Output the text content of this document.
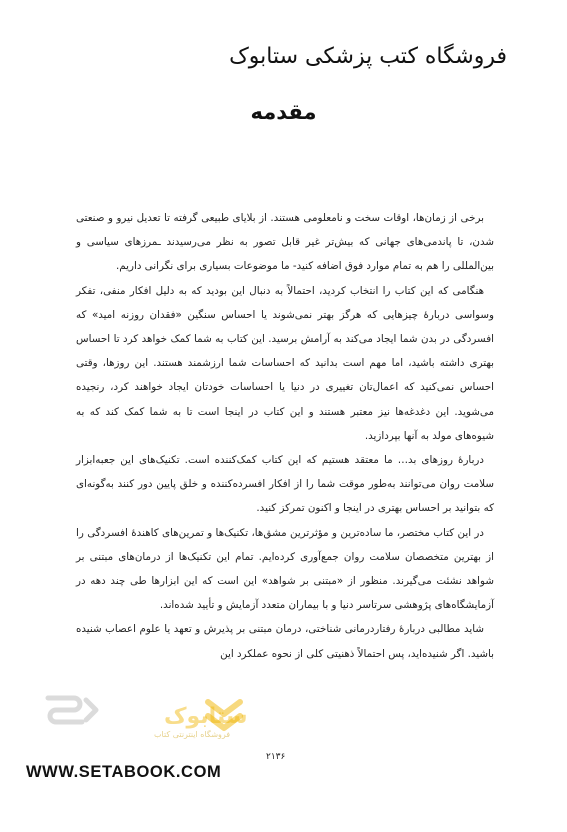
فروشگاه کتب پزشکی ستابوک
مقدمه

برخی از زمان‌ها، اوقات سخت و نامعلومی هستند. از بلایای طبیعی گرفته تا تعدیل نیرو و صنعتی شدن، تا پاندمی‌های جهانی که بیش‌تر غیر قابل تصور به نظر می‌رسیدند ـمرزهای سیاسی و بین‌المللی را هم به تمام موارد فوق اضافه کنید- ما موضوعات بسیاری برای نگرانی داریم.

هنگامی که این کتاب را انتخاب کردید، احتمالاً به دنبال این بودید که به دلیل افکار منفی، تفکر وسواسی دربارهٔ چیزهایی که هرگز بهتر نمی‌شوند یا احساس سنگین «فقدان روزنه امید» که افسردگی در بدن شما ایجاد می‌کند به آرامش برسید. این کتاب به شما کمک خواهد کرد تا احساس بهتری داشته باشید، اما مهم است بدانید که احساسات شما ارزشمند هستند. این روزها، وقتی احساس نمی‌کنید که اعمال‌تان تغییری در دنیا یا احساسات خودتان ایجاد خواهند کرد، رنجیده می‌شوید. این دغدغه‌ها نیز معتبر هستند و این کتاب در اینجا است تا به شما کمک کند که به شیوه‌های مولد به آنها بپردازید.

دربارهٔ روزهای بد… ما معتقد هستیم که این کتاب کمک‌کننده است. تکنیک‌های این جعبه‌ابزار سلامت روان می‌توانند به‌طور موقت شما را از افکار افسرده‌کننده و خلق پایین دور کنند به‌گونه‌ای که بتوانید بر احساس بهتری در اینجا و اکنون تمرکز کنید.

در این کتاب مختصر، ما ساده‌ترین و مؤثرترین مشق‌ها، تکنیک‌ها و تمرین‌های کاهندهٔ افسردگی را از بهترین متخصصان سلامت روان جمع‌آوری کرده‌ایم. تمام این تکنیک‌ها از درمان‌های مبتنی بر شواهد نشئت می‌گیرند. منظور از «مبتنی بر شواهد» این است که این ابزارها طی چند دهه در آزمایشگاه‌های پژوهشی سرتاسر دنیا و با بیماران متعدد آزمایش و تأیید شده‌اند.

شاید مطالبی دربارهٔ رفتاردرمانی شناختی، درمان مبتنی بر پذیرش و تعهد یا علوم اعصاب شنیده باشید. اگر شنیده‌اید، پس احتمالاً ذهنیتی کلی از نحوه عملکرد این

ستابوک
فروشگاه اینترنتی کتاب
۲۱۳۶
WWW.SETABOOK.COM
